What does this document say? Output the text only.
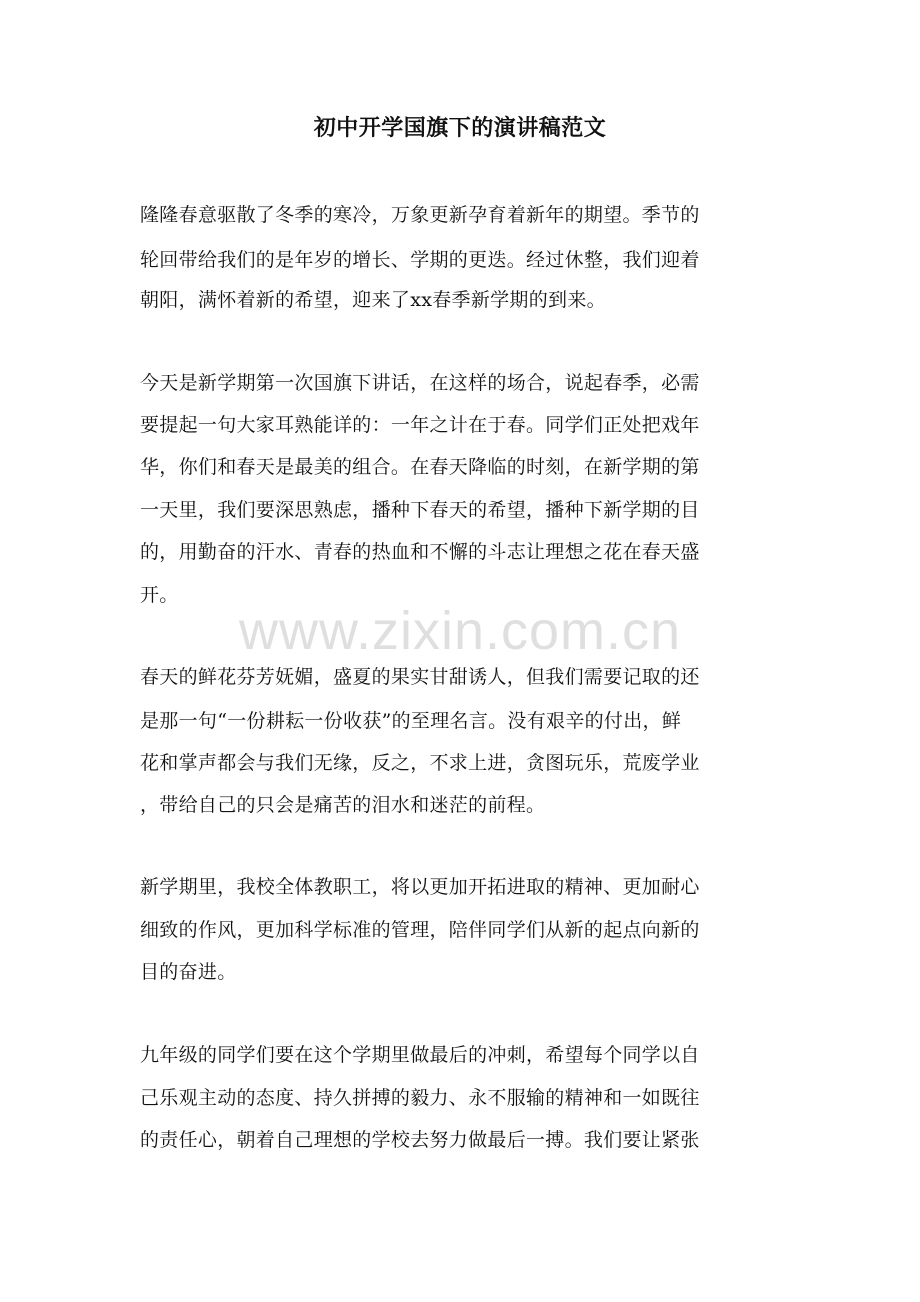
初中开学国旗下的演讲稿范文
隆隆春意驱散了冬季的寒冷，万象更新孕育着新年的期望。季节的
轮回带给我们的是年岁的增长、学期的更迭。经过休整，我们迎着
朝阳，满怀着新的希望，迎来了xx春季新学期的到来。
今天是新学期第一次国旗下讲话，在这样的场合，说起春季，必需
要提起一句大家耳熟能详的：一年之计在于春。同学们正处把戏年
华，你们和春天是最美的组合。在春天降临的时刻，在新学期的第
一天里，我们要深思熟虑，播种下春天的希望，播种下新学期的目
的，用勤奋的汗水、青春的热血和不懈的斗志让理想之花在春天盛
开。
www.zixin.com.cn
春天的鲜花芬芳妩媚，盛夏的果实甘甜诱人，但我们需要记取的还
是那一句“一份耕耘一份收获”的至理名言。没有艰辛的付出，鲜
花和掌声都会与我们无缘，反之，不求上进，贪图玩乐，荒废学业
，带给自己的只会是痛苦的泪水和迷茫的前程。
新学期里，我校全体教职工，将以更加开拓进取的精神、更加耐心
细致的作风，更加科学标准的管理，陪伴同学们从新的起点向新的
目的奋进。
九年级的同学们要在这个学期里做最后的冲刺，希望每个同学以自
己乐观主动的态度、持久拼搏的毅力、永不服输的精神和一如既往
的责任心，朝着自己理想的学校去努力做最后一搏。我们要让紧张
